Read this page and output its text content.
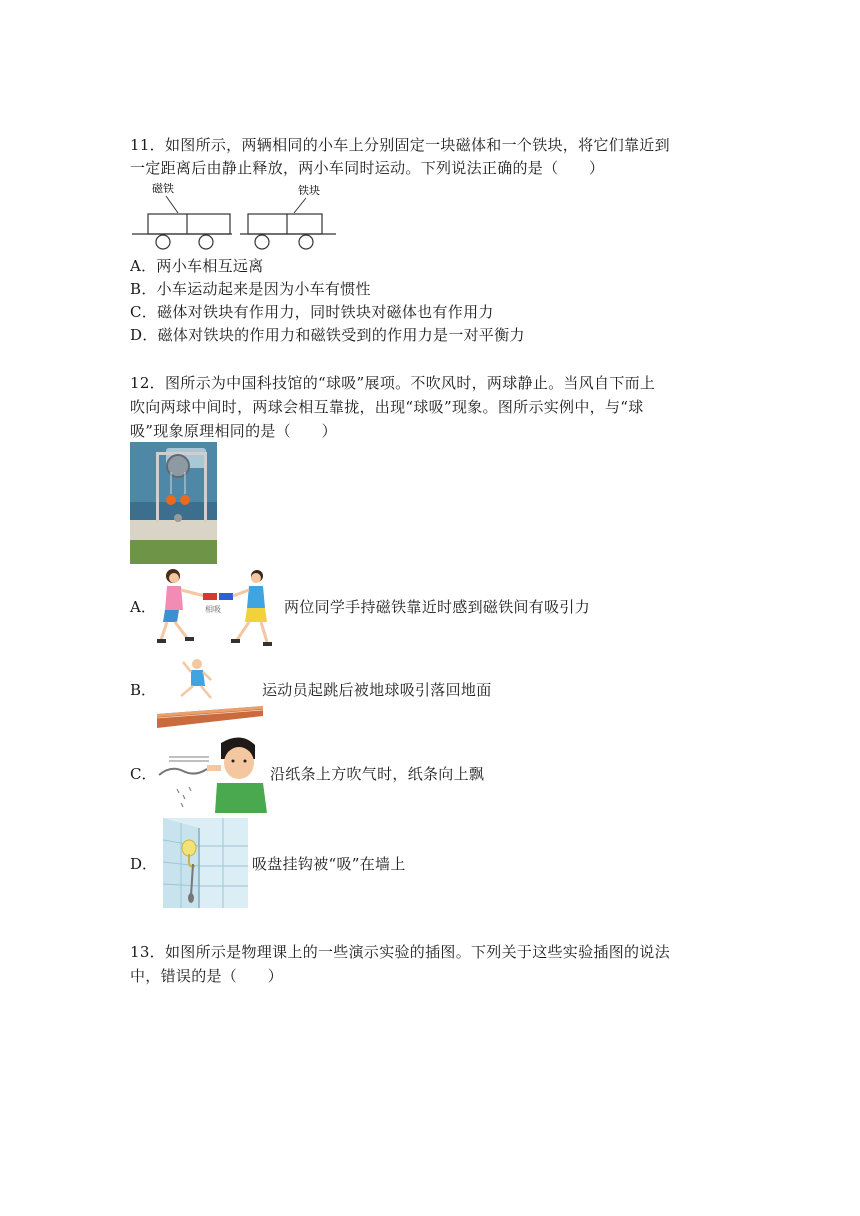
11．如图所示，两辆相同的小车上分别固定一块磁体和一个铁块，将它们靠近到
一定距离后由静止释放，两小车同时运动。下列说法正确的是（　　）
磁铁	铁块
A．两小车相互远离
B．小车运动起来是因为小车有惯性
C．磁体对铁块有作用力，同时铁块对磁体也有作用力
D．磁体对铁块的作用力和磁铁受到的作用力是一对平衡力
12．图所示为中国科技馆的“球吸”展项。不吹风时，两球静止。当风自下而上
吹向两球中间时，两球会相互靠拢，出现“球吸”现象。图所示实例中，与“球
吸”现象原理相同的是（　　）
A．	相吸	两位同学手持磁铁靠近时感到磁铁间有吸引力
B．	运动员起跳后被地球吸引落回地面
C．	沿纸条上方吹气时，纸条向上飘
D．	吸盘挂钩被“吸”在墙上
13．如图所示是物理课上的一些演示实验的插图。下列关于这些实验插图的说法
中，错误的是（　　）
